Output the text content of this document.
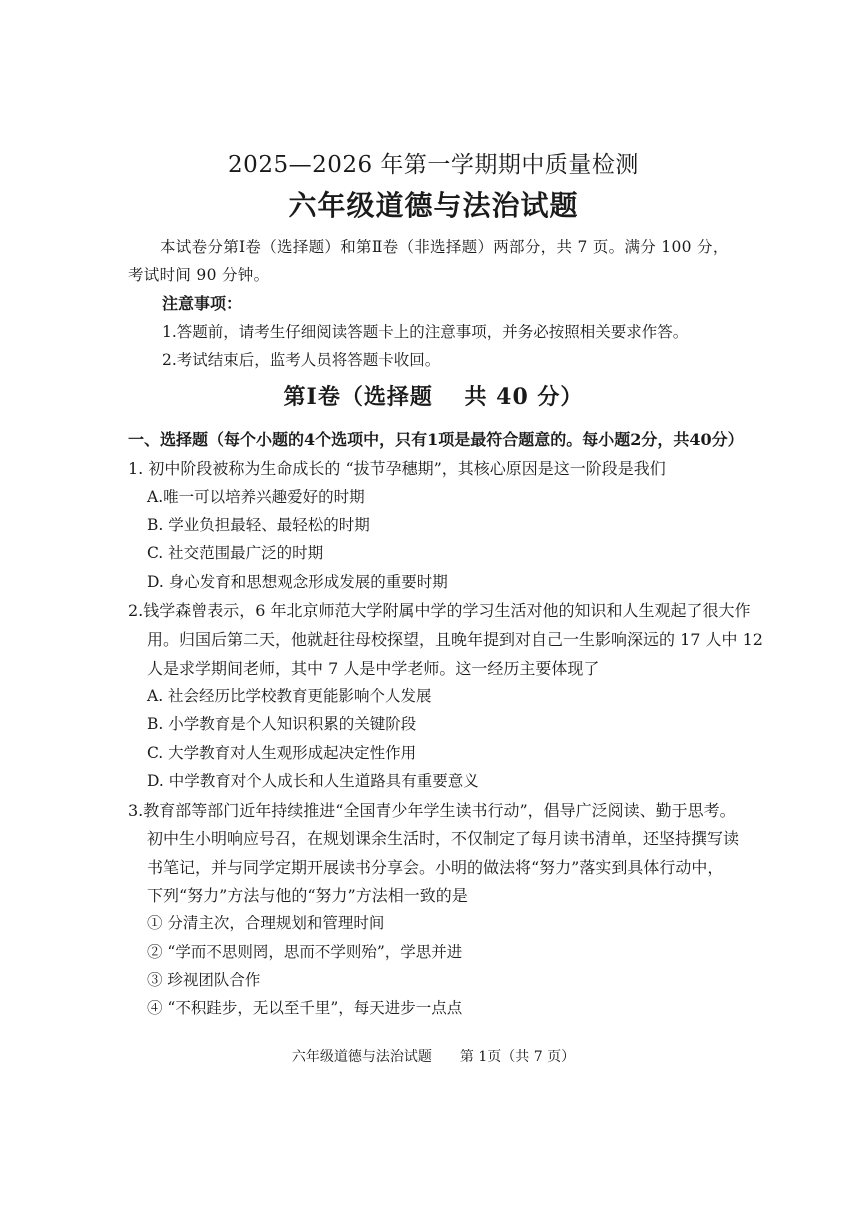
2025—2026 年第一学期期中质量检测
六年级道德与法治试题
本试卷分第Ⅰ卷（选择题）和第Ⅱ卷（非选择题）两部分，共 7 页。满分 100 分，
考试时间 90 分钟。
注意事项：
1.答题前，请考生仔细阅读答题卡上的注意事项，并务必按照相关要求作答。
2.考试结束后，监考人员将答题卡收回。
第Ⅰ卷（选择题　 共 40 分）
一、选择题（每个小题的4个选项中，只有1项是最符合题意的。每小题2分，共40分）
1. 初中阶段被称为生命成长的 “拔节孕穗期”，其核心原因是这一阶段是我们
A.唯一可以培养兴趣爱好的时期
B. 学业负担最轻、最轻松的时期
C. 社交范围最广泛的时期
D. 身心发育和思想观念形成发展的重要时期
2.钱学森曾表示，6 年北京师范大学附属中学的学习生活对他的知识和人生观起了很大作
用。归国后第二天，他就赶往母校探望，且晚年提到对自己一生影响深远的 17 人中 12
人是求学期间老师，其中 7 人是中学老师。这一经历主要体现了
A. 社会经历比学校教育更能影响个人发展
B. 小学教育是个人知识积累的关键阶段
C. 大学教育对人生观形成起决定性作用
D. 中学教育对个人成长和人生道路具有重要意义
3.教育部等部门近年持续推进“全国青少年学生读书行动”，倡导广泛阅读、勤于思考。
初中生小明响应号召，在规划课余生活时，不仅制定了每月读书清单，还坚持撰写读
书笔记，并与同学定期开展读书分享会。小明的做法将“努力”落实到具体行动中，
下列“努力”方法与他的“努力”方法相一致的是
① 分清主次，合理规划和管理时间
② “学而不思则罔，思而不学则殆”，学思并进
③ 珍视团队合作
④ “不积跬步，无以至千里”，每天进步一点点
六年级道德与法治试题 第 1页（共 7 页）
